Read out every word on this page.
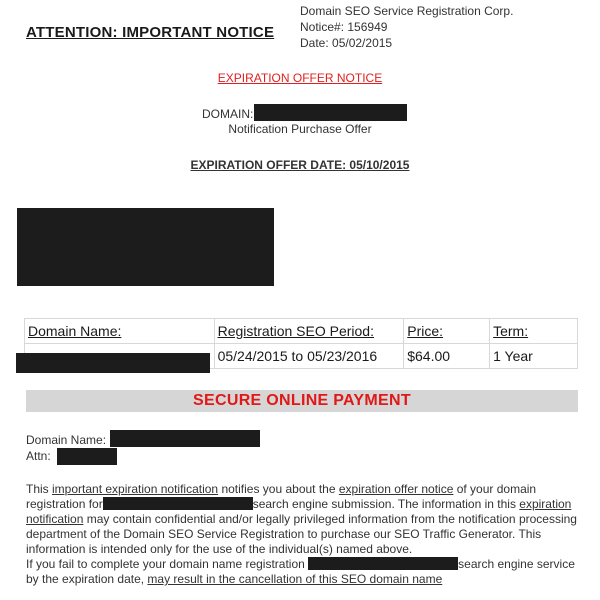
ATTENTION: IMPORTANT NOTICE
Domain SEO Service Registration Corp.
Notice#: 156949
Date: 05/02/2015
EXPIRATION OFFER NOTICE
DOMAIN:
Notification Purchase Offer
EXPIRATION OFFER DATE: 05/10/2015
Domain Name:	Registration SEO Period:	Price:	Term:
	05/24/2015 to 05/23/2016	$64.00	1 Year
SECURE ONLINE PAYMENT
Domain Name:
Attn:

This important expiration notification notifies you about the expiration offer notice of your domain registration for	search engine submission. The information in this expiration notification may contain confidential and/or legally privileged information from the notification processing department of the Domain SEO Service Registration to purchase our SEO Traffic Generator. This information is intended only for the use of the individual(s) named above.

If you fail to complete your domain name registration	search engine service by the expiration date, may result in the cancellation of this SEO domain name
